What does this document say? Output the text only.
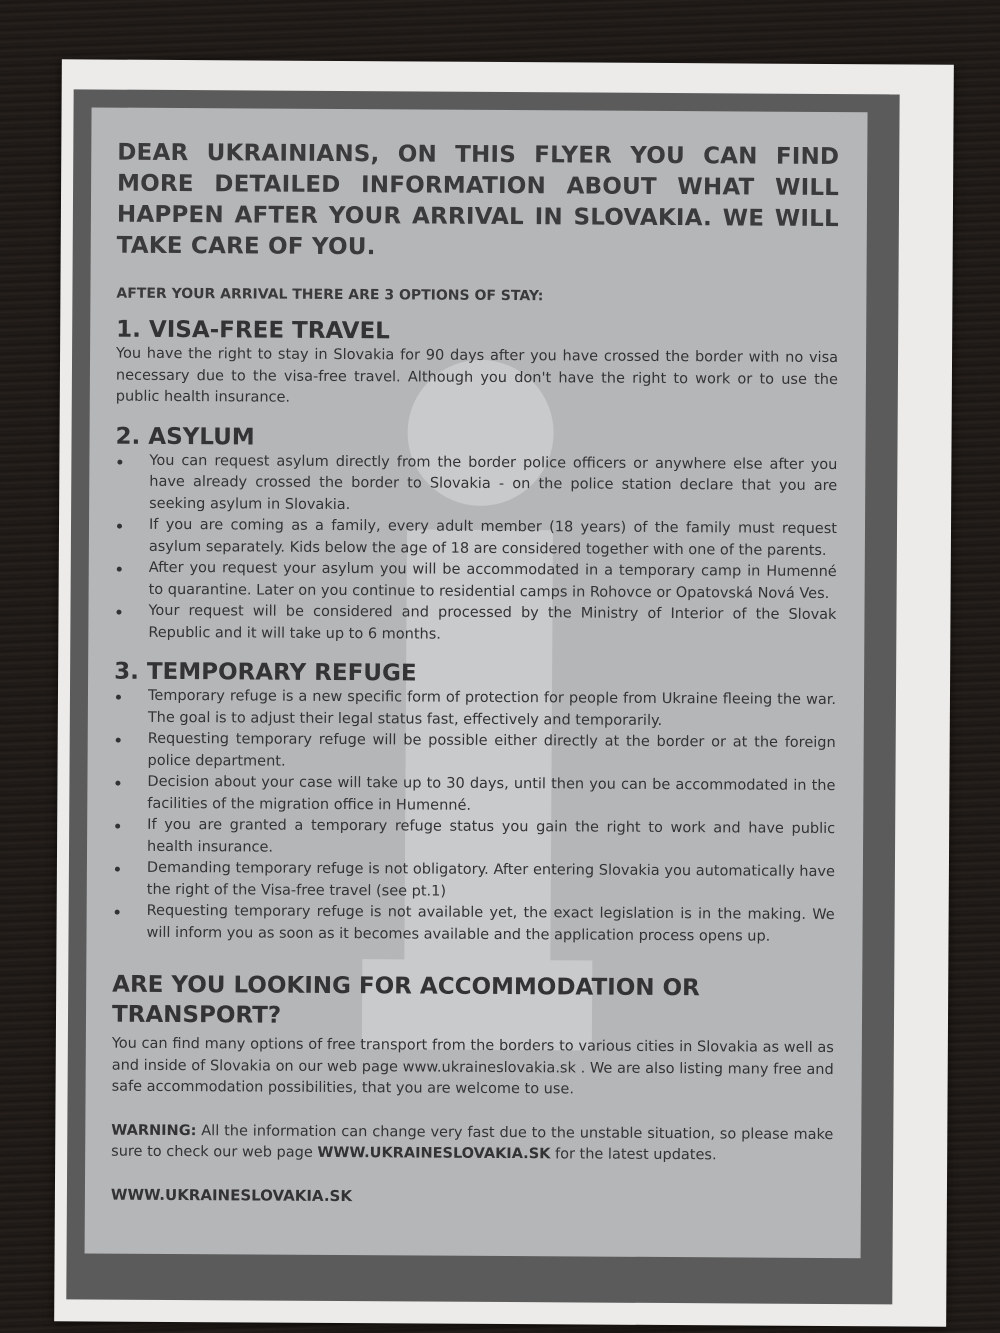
DEAR UKRAINIANS, ON THIS FLYER YOU CAN FIND MORE DETAILED INFORMATION ABOUT WHAT WILL HAPPEN AFTER YOUR ARRIVAL IN SLOVAKIA. WE WILL TAKE CARE OF YOU.

AFTER YOUR ARRIVAL THERE ARE 3 OPTIONS OF STAY:

1. VISA-FREE TRAVEL

You have the right to stay in Slovakia for 90 days after you have crossed the border with no visa necessary due to the visa-free travel. Although you don't have the right to work or to use the public health insurance.

2. ASYLUM
You can request asylum directly from the border police officers or anywhere else after you have already crossed the border to Slovakia - on the police station declare that you are seeking asylum in Slovakia.
If you are coming as a family, every adult member (18 years) of the family must request asylum separately. Kids below the age of 18 are considered together with one of the parents.
After you request your asylum you will be accommodated in a temporary camp in Humenné to quarantine. Later on you continue to residential camps in Rohovce or Opatovská Nová Ves.
Your request will be considered and processed by the Ministry of Interior of the Slovak Republic and it will take up to 6 months.
3. TEMPORARY REFUGE
Temporary refuge is a new specific form of protection for people from Ukraine fleeing the war. The goal is to adjust their legal status fast, effectively and temporarily.
Requesting temporary refuge will be possible either directly at the border or at the foreign police department.
Decision about your case will take up to 30 days, until then you can be accommodated in the facilities of the migration office in Humenné.
If you are granted a temporary refuge status you gain the right to work and have public health insurance.
Demanding temporary refuge is not obligatory. After entering Slovakia you automatically have the right of the Visa-free travel (see pt.1)
Requesting temporary refuge is not available yet, the exact legislation is in the making. We will inform you as soon as it becomes available and the application process opens up.
ARE YOU LOOKING FOR ACCOMMODATION OR TRANSPORT?

You can find many options of free transport from the borders to various cities in Slovakia as well as and inside of Slovakia on our web page www.ukraineslovakia.sk . We are also listing many free and safe accommodation possibilities, that you are welcome to use.

WARNING: All the information can change very fast due to the unstable situation, so please make sure to check our web page WWW.UKRAINESLOVAKIA.SK for the latest updates.

WWW.UKRAINESLOVAKIA.SK
